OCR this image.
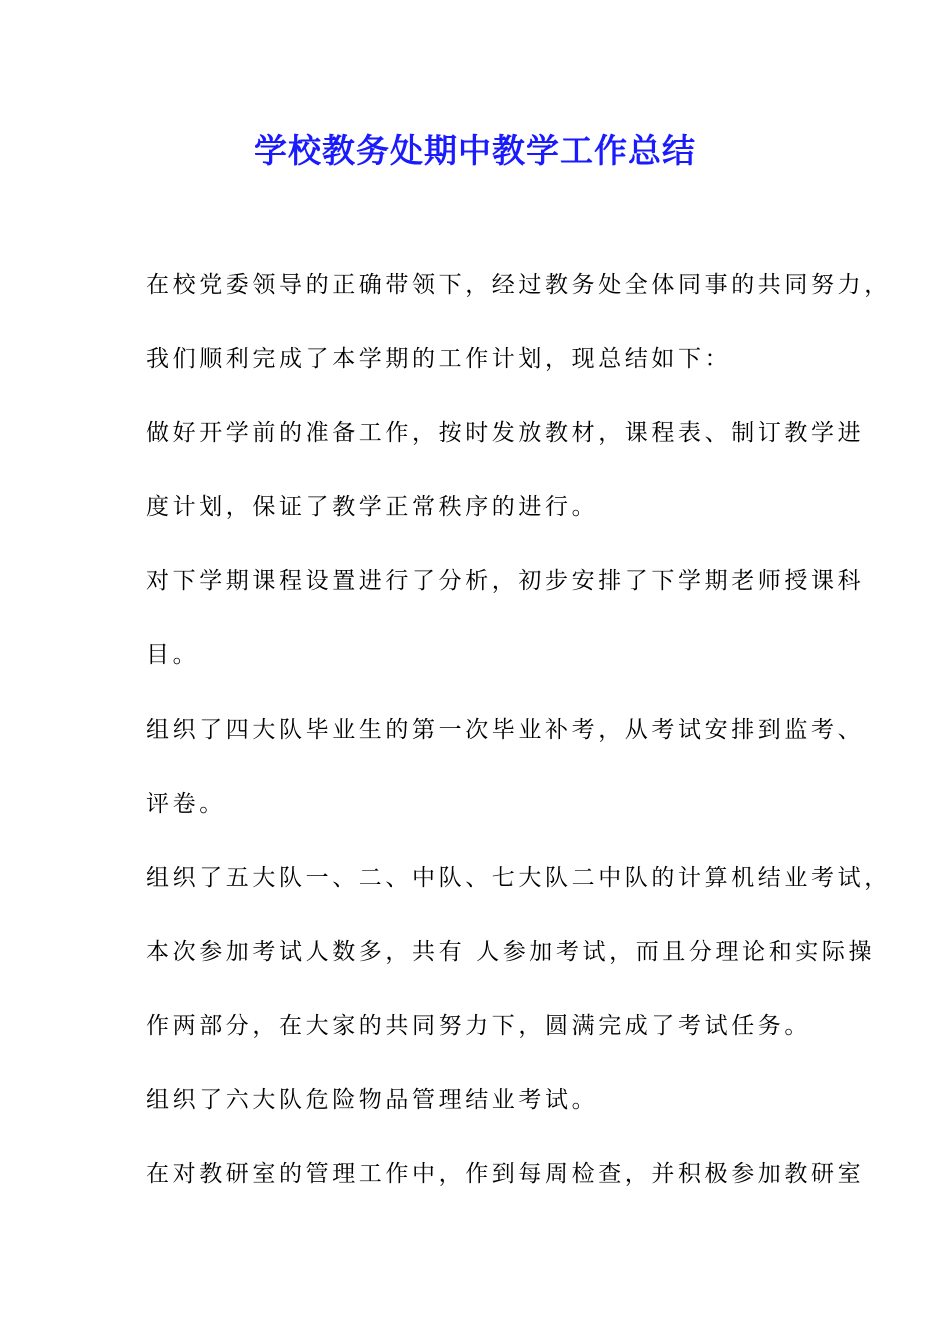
学校教务处期中教学工作总结
在校党委领导的正确带领下，经过教务处全体同事的共同努力，
我们顺利完成了本学期的工作计划，现总结如下：
做好开学前的准备工作，按时发放教材，课程表、制订教学进
度计划，保证了教学正常秩序的进行。
对下学期课程设置进行了分析，初步安排了下学期老师授课科
目。
组织了四大队毕业生的第一次毕业补考，从考试安排到监考、
评卷。
组织了五大队一、二、中队、七大队二中队的计算机结业考试，
本次参加考试人数多，共有 人参加考试，而且分理论和实际操
作两部分，在大家的共同努力下，圆满完成了考试任务。
组织了六大队危险物品管理结业考试。
在对教研室的管理工作中，作到每周检查，并积极参加教研室
